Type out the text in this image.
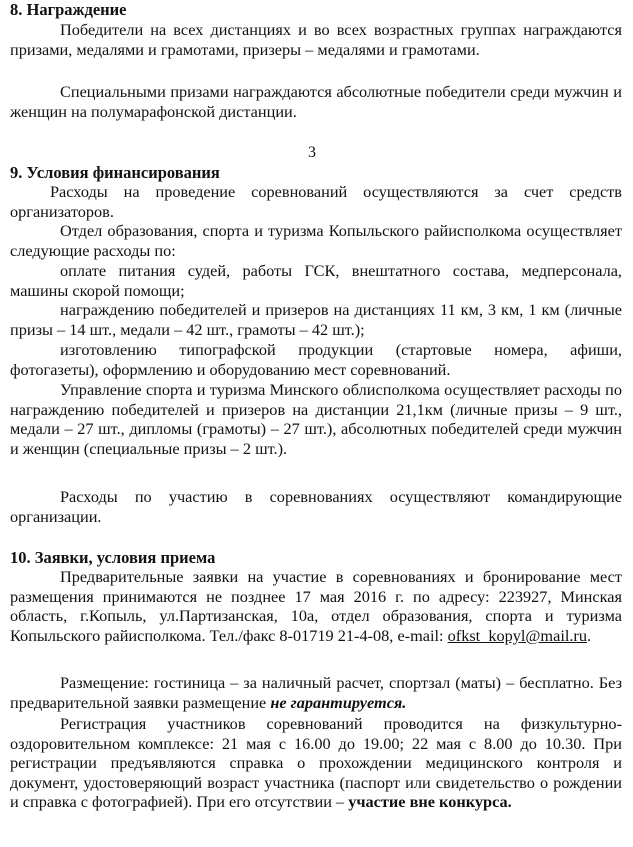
8. Награждение

Победители на всех дистанциях и во всех возрастных группах награждаются призами, медалями и грамотами, призеры – медалями и грамотами.

Специальными призами награждаются абсолютные победители среди мужчин и женщин на полумарафонской дистанции.

3
9. Условия финансирования

Расходы на проведение соревнований осуществляются за счет средств организаторов.

Отдел образования, спорта и туризма Копыльского райисполкома осуществляет следующие расходы по:

оплате питания судей, работы ГСК, внештатного состава, медперсонала, машины скорой помощи;

награждению победителей и призеров на дистанциях 11 км, 3 км, 1 км (личные призы – 14 шт., медали – 42 шт., грамоты – 42 шт.);

изготовлению типографской продукции (стартовые номера, афиши, фотогазеты), оформлению и оборудованию мест соревнований.

Управление спорта и туризма Минского облисполкома осуществляет расходы по награждению победителей и призеров на дистанции 21,1км (личные призы – 9 шт., медали – 27 шт., дипломы (грамоты) – 27 шт.), абсолютных победителей среди мужчин и женщин (специальные призы – 2 шт.).

Расходы по участию в соревнованиях осуществляют командирующие организации.

10. Заявки, условия приема

Предварительные заявки на участие в соревнованиях и бронирование мест размещения принимаются не позднее 17 мая 2016 г. по адресу: 223927, Минская область, г.Копыль, ул.Партизанская, 10а, отдел образования, спорта и туризма Копыльского райисполкома. Тел./факс 8-01719 21-4-08, e-mail: ofkst_kopyl@mail.ru.

Размещение: гостиница – за наличный расчет, спортзал (маты) – бесплатно. Без предварительной заявки размещение не гарантируется.

Регистрация участников соревнований проводится на физкультурно-оздоровительном комплексе: 21 мая с 16.00 до 19.00; 22 мая с 8.00 до 10.30. При регистрации предъявляются справка о прохождении медицинского контроля и документ, удостоверяющий возраст участника (паспорт или свидетельство о рождении и справка с фотографией). При его отсутствии – участие вне конкурса.
